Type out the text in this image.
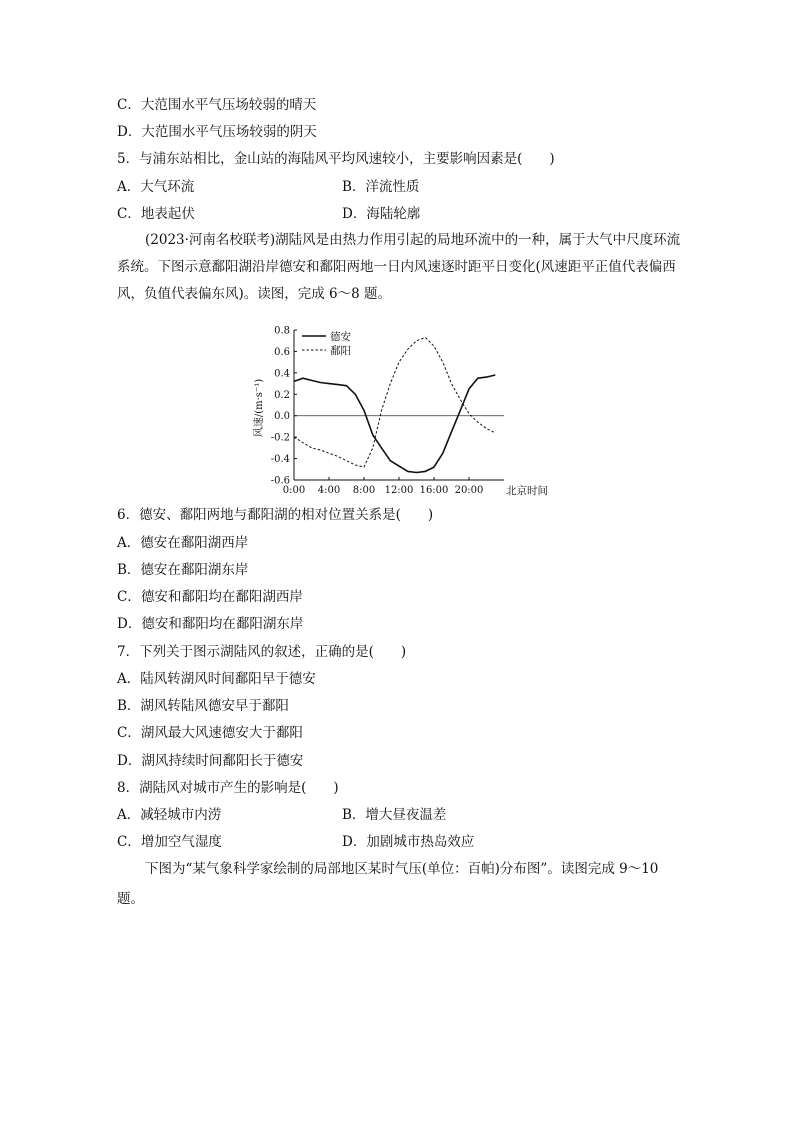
C．大范围水平气压场较弱的晴天
D．大范围水平气压场较弱的阴天
5．与浦东站相比，金山站的海陆风平均风速较小，主要影响因素是(　　)
A．大气环流	B．洋流性质
C．地表起伏	D．海陆轮廓
(2023·河南名校联考)湖陆风是由热力作用引起的局地环流中的一种，属于大气中尺度环流系统。下图示意鄱阳湖沿岸德安和鄱阳两地一日内风速逐时距平日变化(风速距平正值代表偏西风，负值代表偏东风)。读图，完成 6～8 题。
0.8
0.6
0.4
0.2
0.0
-0.2
-0.4
-0.6
0:00 4:00 8:00 12:00 16:00 20:00
德安
鄱阳
风速/(m·s⁻¹)
北京时间
6．德安、鄱阳两地与鄱阳湖的相对位置关系是(　　)
A．德安在鄱阳湖西岸
B．德安在鄱阳湖东岸
C．德安和鄱阳均在鄱阳湖西岸
D．德安和鄱阳均在鄱阳湖东岸
7．下列关于图示湖陆风的叙述，正确的是(　　)
A．陆风转湖风时间鄱阳早于德安
B．湖风转陆风德安早于鄱阳
C．湖风最大风速德安大于鄱阳
D．湖风持续时间鄱阳长于德安
8．湖陆风对城市产生的影响是(　　)
A．减轻城市内涝	B．增大昼夜温差
C．增加空气湿度	D．加剧城市热岛效应
下图为“某气象科学家绘制的局部地区某时气压(单位：百帕)分布图”。读图完成 9～10 题。
